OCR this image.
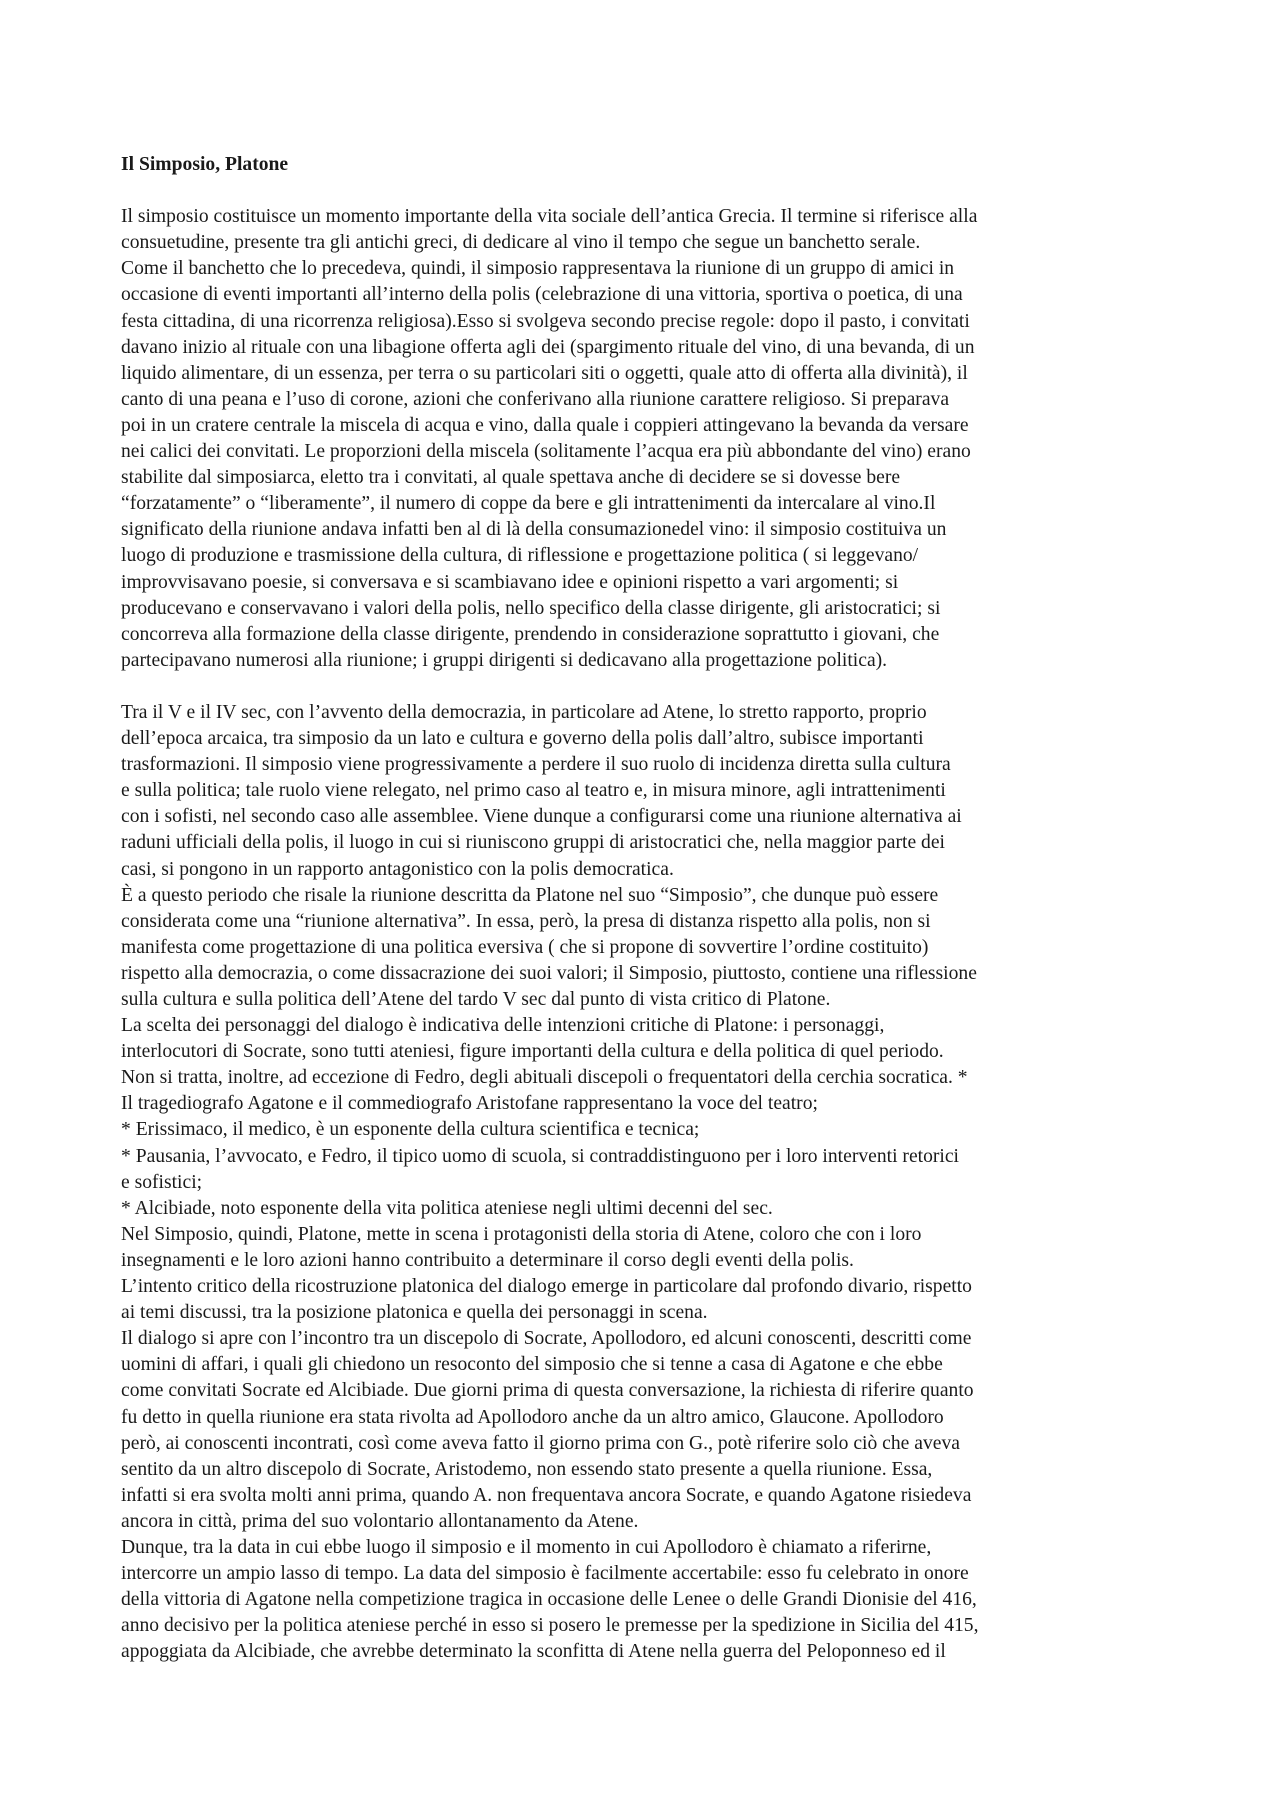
Il Simposio, Platone

Il simposio costituisce un momento importante della vita sociale dell’antica Grecia. Il termine si riferisce alla
consuetudine, presente tra gli antichi greci, di dedicare al vino il tempo che segue un banchetto serale.
Come il banchetto che lo precedeva, quindi, il simposio rappresentava la riunione di un gruppo di amici in
occasione di eventi importanti all’interno della polis (celebrazione di una vittoria, sportiva o poetica, di una
festa cittadina, di una ricorrenza religiosa).Esso si svolgeva secondo precise regole: dopo il pasto, i convitati
davano inizio al rituale con una libagione offerta agli dei (spargimento rituale del vino, di una bevanda, di un
liquido alimentare, di un essenza, per terra o su particolari siti o oggetti, quale atto di offerta alla divinità), il
canto di una peana e l’uso di corone, azioni che conferivano alla riunione carattere religioso. Si preparava
poi in un cratere centrale la miscela di acqua e vino, dalla quale i coppieri attingevano la bevanda da versare
nei calici dei convitati. Le proporzioni della miscela (solitamente l’acqua era più abbondante del vino) erano
stabilite dal simposiarca, eletto tra i convitati, al quale spettava anche di decidere se si dovesse bere
“forzatamente” o “liberamente”, il numero di coppe da bere e gli intrattenimenti da intercalare al vino.Il
significato della riunione andava infatti ben al di là della consumazionedel vino: il simposio costituiva un
luogo di produzione e trasmissione della cultura, di riflessione e progettazione politica ( si leggevano/
improvvisavano poesie, si conversava e si scambiavano idee e opinioni rispetto a vari argomenti; si
producevano e conservavano i valori della polis, nello specifico della classe dirigente, gli aristocratici; si
concorreva alla formazione della classe dirigente, prendendo in considerazione soprattutto i giovani, che
partecipavano numerosi alla riunione; i gruppi dirigenti si dedicavano alla progettazione politica).
Tra il V e il IV sec, con l’avvento della democrazia, in particolare ad Atene, lo stretto rapporto, proprio
dell’epoca arcaica, tra simposio da un lato e cultura e governo della polis dall’altro, subisce importanti
trasformazioni. Il simposio viene progressivamente a perdere il suo ruolo di incidenza diretta sulla cultura
e sulla politica; tale ruolo viene relegato, nel primo caso al teatro e, in misura minore, agli intrattenimenti
con i sofisti, nel secondo caso alle assemblee. Viene dunque a configurarsi come una riunione alternativa ai
raduni ufficiali della polis, il luogo in cui si riuniscono gruppi di aristocratici che, nella maggior parte dei
casi, si pongono in un rapporto antagonistico con la polis democratica.
È a questo periodo che risale la riunione descritta da Platone nel suo “Simposio”, che dunque può essere
considerata come una “riunione alternativa”. In essa, però, la presa di distanza rispetto alla polis, non si
manifesta come progettazione di una politica eversiva ( che si propone di sovvertire l’ordine costituito)
rispetto alla democrazia, o come dissacrazione dei suoi valori; il Simposio, piuttosto, contiene una riflessione
sulla cultura e sulla politica dell’Atene del tardo V sec dal punto di vista critico di Platone.
La scelta dei personaggi del dialogo è indicativa delle intenzioni critiche di Platone: i personaggi,
interlocutori di Socrate, sono tutti ateniesi, figure importanti della cultura e della politica di quel periodo.
Non si tratta, inoltre, ad eccezione di Fedro, degli abituali discepoli o frequentatori della cerchia socratica. *
Il tragediografo Agatone e il commediografo Aristofane rappresentano la voce del teatro;
* Erissimaco, il medico, è un esponente della cultura scientifica e tecnica;
* Pausania, l’avvocato, e Fedro, il tipico uomo di scuola, si contraddistinguono per i loro interventi retorici
e sofistici;
* Alcibiade, noto esponente della vita politica ateniese negli ultimi decenni del sec.
Nel Simposio, quindi, Platone, mette in scena i protagonisti della storia di Atene, coloro che con i loro
insegnamenti e le loro azioni hanno contribuito a determinare il corso degli eventi della polis.
L’intento critico della ricostruzione platonica del dialogo emerge in particolare dal profondo divario, rispetto
ai temi discussi, tra la posizione platonica e quella dei personaggi in scena.
Il dialogo si apre con l’incontro tra un discepolo di Socrate, Apollodoro, ed alcuni conoscenti, descritti come
uomini di affari, i quali gli chiedono un resoconto del simposio che si tenne a casa di Agatone e che ebbe
come convitati Socrate ed Alcibiade. Due giorni prima di questa conversazione, la richiesta di riferire quanto
fu detto in quella riunione era stata rivolta ad Apollodoro anche da un altro amico, Glaucone. Apollodoro
però, ai conoscenti incontrati, così come aveva fatto il giorno prima con G., potè riferire solo ciò che aveva
sentito da un altro discepolo di Socrate, Aristodemo, non essendo stato presente a quella riunione. Essa,
infatti si era svolta molti anni prima, quando A. non frequentava ancora Socrate, e quando Agatone risiedeva
ancora in città, prima del suo volontario allontanamento da Atene.
Dunque, tra la data in cui ebbe luogo il simposio e il momento in cui Apollodoro è chiamato a riferirne,
intercorre un ampio lasso di tempo. La data del simposio è facilmente accertabile: esso fu celebrato in onore
della vittoria di Agatone nella competizione tragica in occasione delle Lenee o delle Grandi Dionisie del 416,
anno decisivo per la politica ateniese perché in esso si posero le premesse per la spedizione in Sicilia del 415,
appoggiata da Alcibiade, che avrebbe determinato la sconfitta di Atene nella guerra del Peloponneso ed il
